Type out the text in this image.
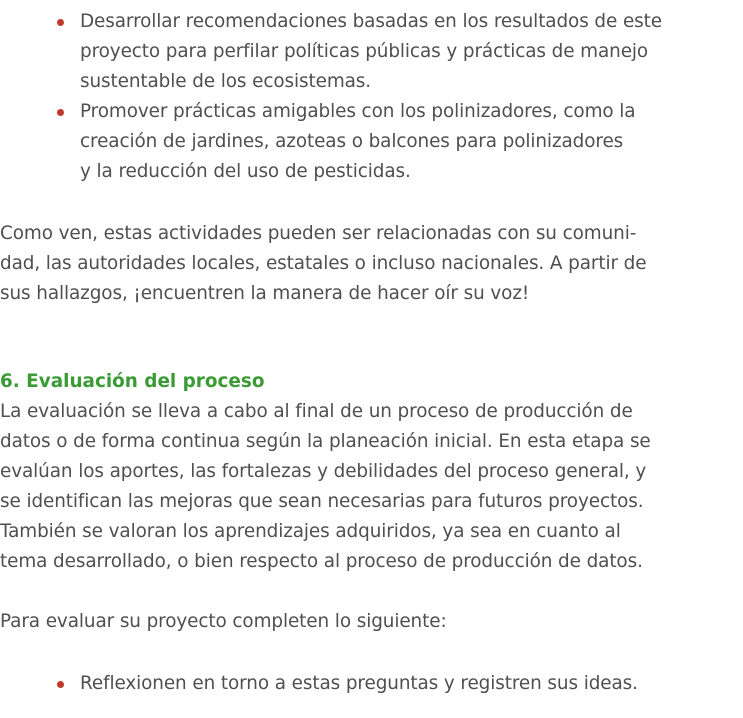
Desarrollar recomendaciones basadas en los resultados de este
proyecto para perfilar políticas públicas y prácticas de manejo
sustentable de los ecosistemas.
Promover prácticas amigables con los polinizadores, como la
creación de jardines, azoteas o balcones para polinizadores
y la reducción del uso de pesticidas.
Como ven, estas actividades pueden ser relacionadas con su comuni-
dad, las autoridades locales, estatales o incluso nacionales. A partir de
sus hallazgos, ¡encuentren la manera de hacer oír su voz!
6. Evaluación del proceso
La evaluación se lleva a cabo al final de un proceso de producción de
datos o de forma continua según la planeación inicial. En esta etapa se
evalúan los aportes, las fortalezas y debilidades del proceso general, y
se identifican las mejoras que sean necesarias para futuros proyectos.
También se valoran los aprendizajes adquiridos, ya sea en cuanto al
tema desarrollado, o bien respecto al proceso de producción de datos.
Para evaluar su proyecto completen lo siguiente:
Reflexionen en torno a estas preguntas y registren sus ideas.
